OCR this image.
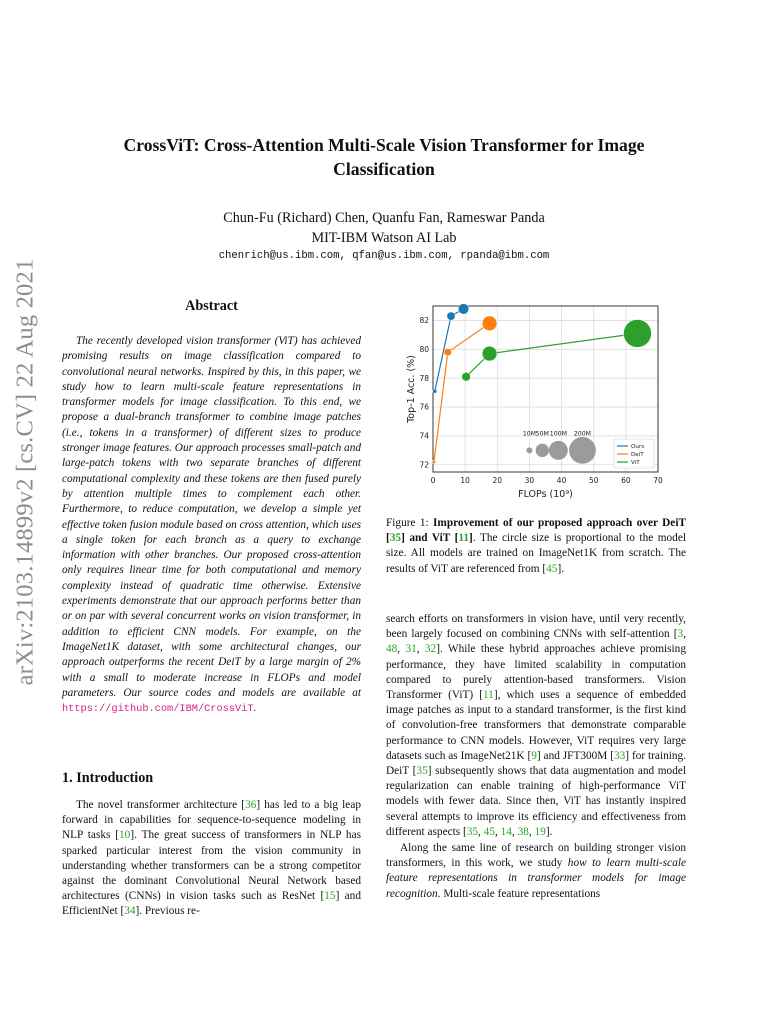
arXiv:2103.14899v2 [cs.CV] 22 Aug 2021
CrossViT: Cross-Attention Multi-Scale Vision Transformer for Image
Classification
Chun-Fu (Richard) Chen, Quanfu Fan, Rameswar Panda
MIT-IBM Watson AI Lab
chenrich@us.ibm.com, qfan@us.ibm.com, rpanda@ibm.com
Abstract
The recently developed vision transformer (ViT) has achieved promising results on image classification compared to convolutional neural networks. Inspired by this, in this paper, we study how to learn multi-scale feature representations in transformer models for image classification. To this end, we propose a dual-branch transformer to combine image patches (i.e., tokens in a transformer) of different sizes to produce stronger image features. Our approach processes small-patch and large-patch tokens with two separate branches of different computational complexity and these tokens are then fused purely by attention multiple times to complement each other. Furthermore, to reduce computation, we develop a simple yet effective token fusion module based on cross attention, which uses a single token for each branch as a query to exchange information with other branches. Our proposed cross-attention only requires linear time for both computational and memory complexity instead of quadratic time otherwise. Extensive experiments demonstrate that our approach performs better than or on par with several concurrent works on vision transformer, in addition to efficient CNN models. For example, on the ImageNet1K dataset, with some architectural changes, our approach outperforms the recent DeiT by a large margin of 2% with a small to moderate increase in FLOPs and model parameters. Our source codes and models are available at https://github.com/IBM/CrossViT.
1. Introduction
The novel transformer architecture [36] has led to a big leap forward in capabilities for sequence-to-sequence modeling in NLP tasks [10]. The great success of transformers in NLP has sparked particular interest from the vision community in understanding whether transformers can be a strong competitor against the dominant Convolutional Neural Network based architectures (CNNs) in vision tasks such as ResNet [15] and EfficientNet [34]. Previous re-
0	10	20	30	40	50	60	70
72
74
76
78
80
82
FLOPs (10⁹)
Top-1 Acc. (%)
10M 50M 100M 200M
Ours
DeiT
ViT
Figure 1: Improvement of our proposed approach over DeiT [35] and ViT [11]. The circle size is proportional to the model size. All models are trained on ImageNet1K from scratch. The results of ViT are referenced from [45].

search efforts on transformers in vision have, until very recently, been largely focused on combining CNNs with self-attention [3, 48, 31, 32]. While these hybrid approaches achieve promising performance, they have limited scalability in computation compared to purely attention-based transformers. Vision Transformer (ViT) [11], which uses a sequence of embedded image patches as input to a standard transformer, is the first kind of convolution-free transformers that demonstrate comparable performance to CNN models. However, ViT requires very large datasets such as ImageNet21K [9] and JFT300M [33] for training. DeiT [35] subsequently shows that data augmentation and model regularization can enable training of high-performance ViT models with fewer data. Since then, ViT has instantly inspired several attempts to improve its efficiency and effectiveness from different aspects [35, 45, 14, 38, 19].

Along the same line of research on building stronger vision transformers, in this work, we study how to learn multi-scale feature representations in transformer models for image recognition. Multi-scale feature representations
